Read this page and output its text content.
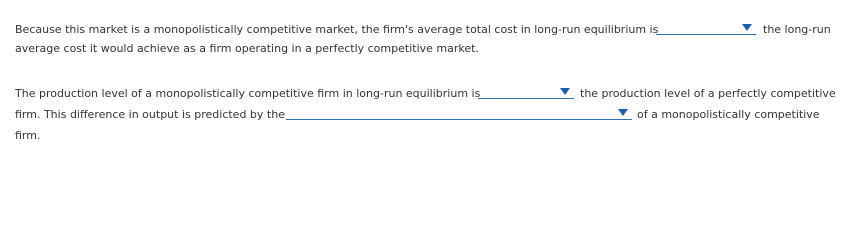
Because this market is a monopolistically competitive market, the firm's average total cost in long-run equilibrium is	the long-run
average cost it would achieve as a firm operating in a perfectly competitive market.
The production level of a monopolistically competitive firm in long-run equilibrium is	the production level of a perfectly competitive
firm. This difference in output is predicted by the	of a monopolistically competitive
firm.
